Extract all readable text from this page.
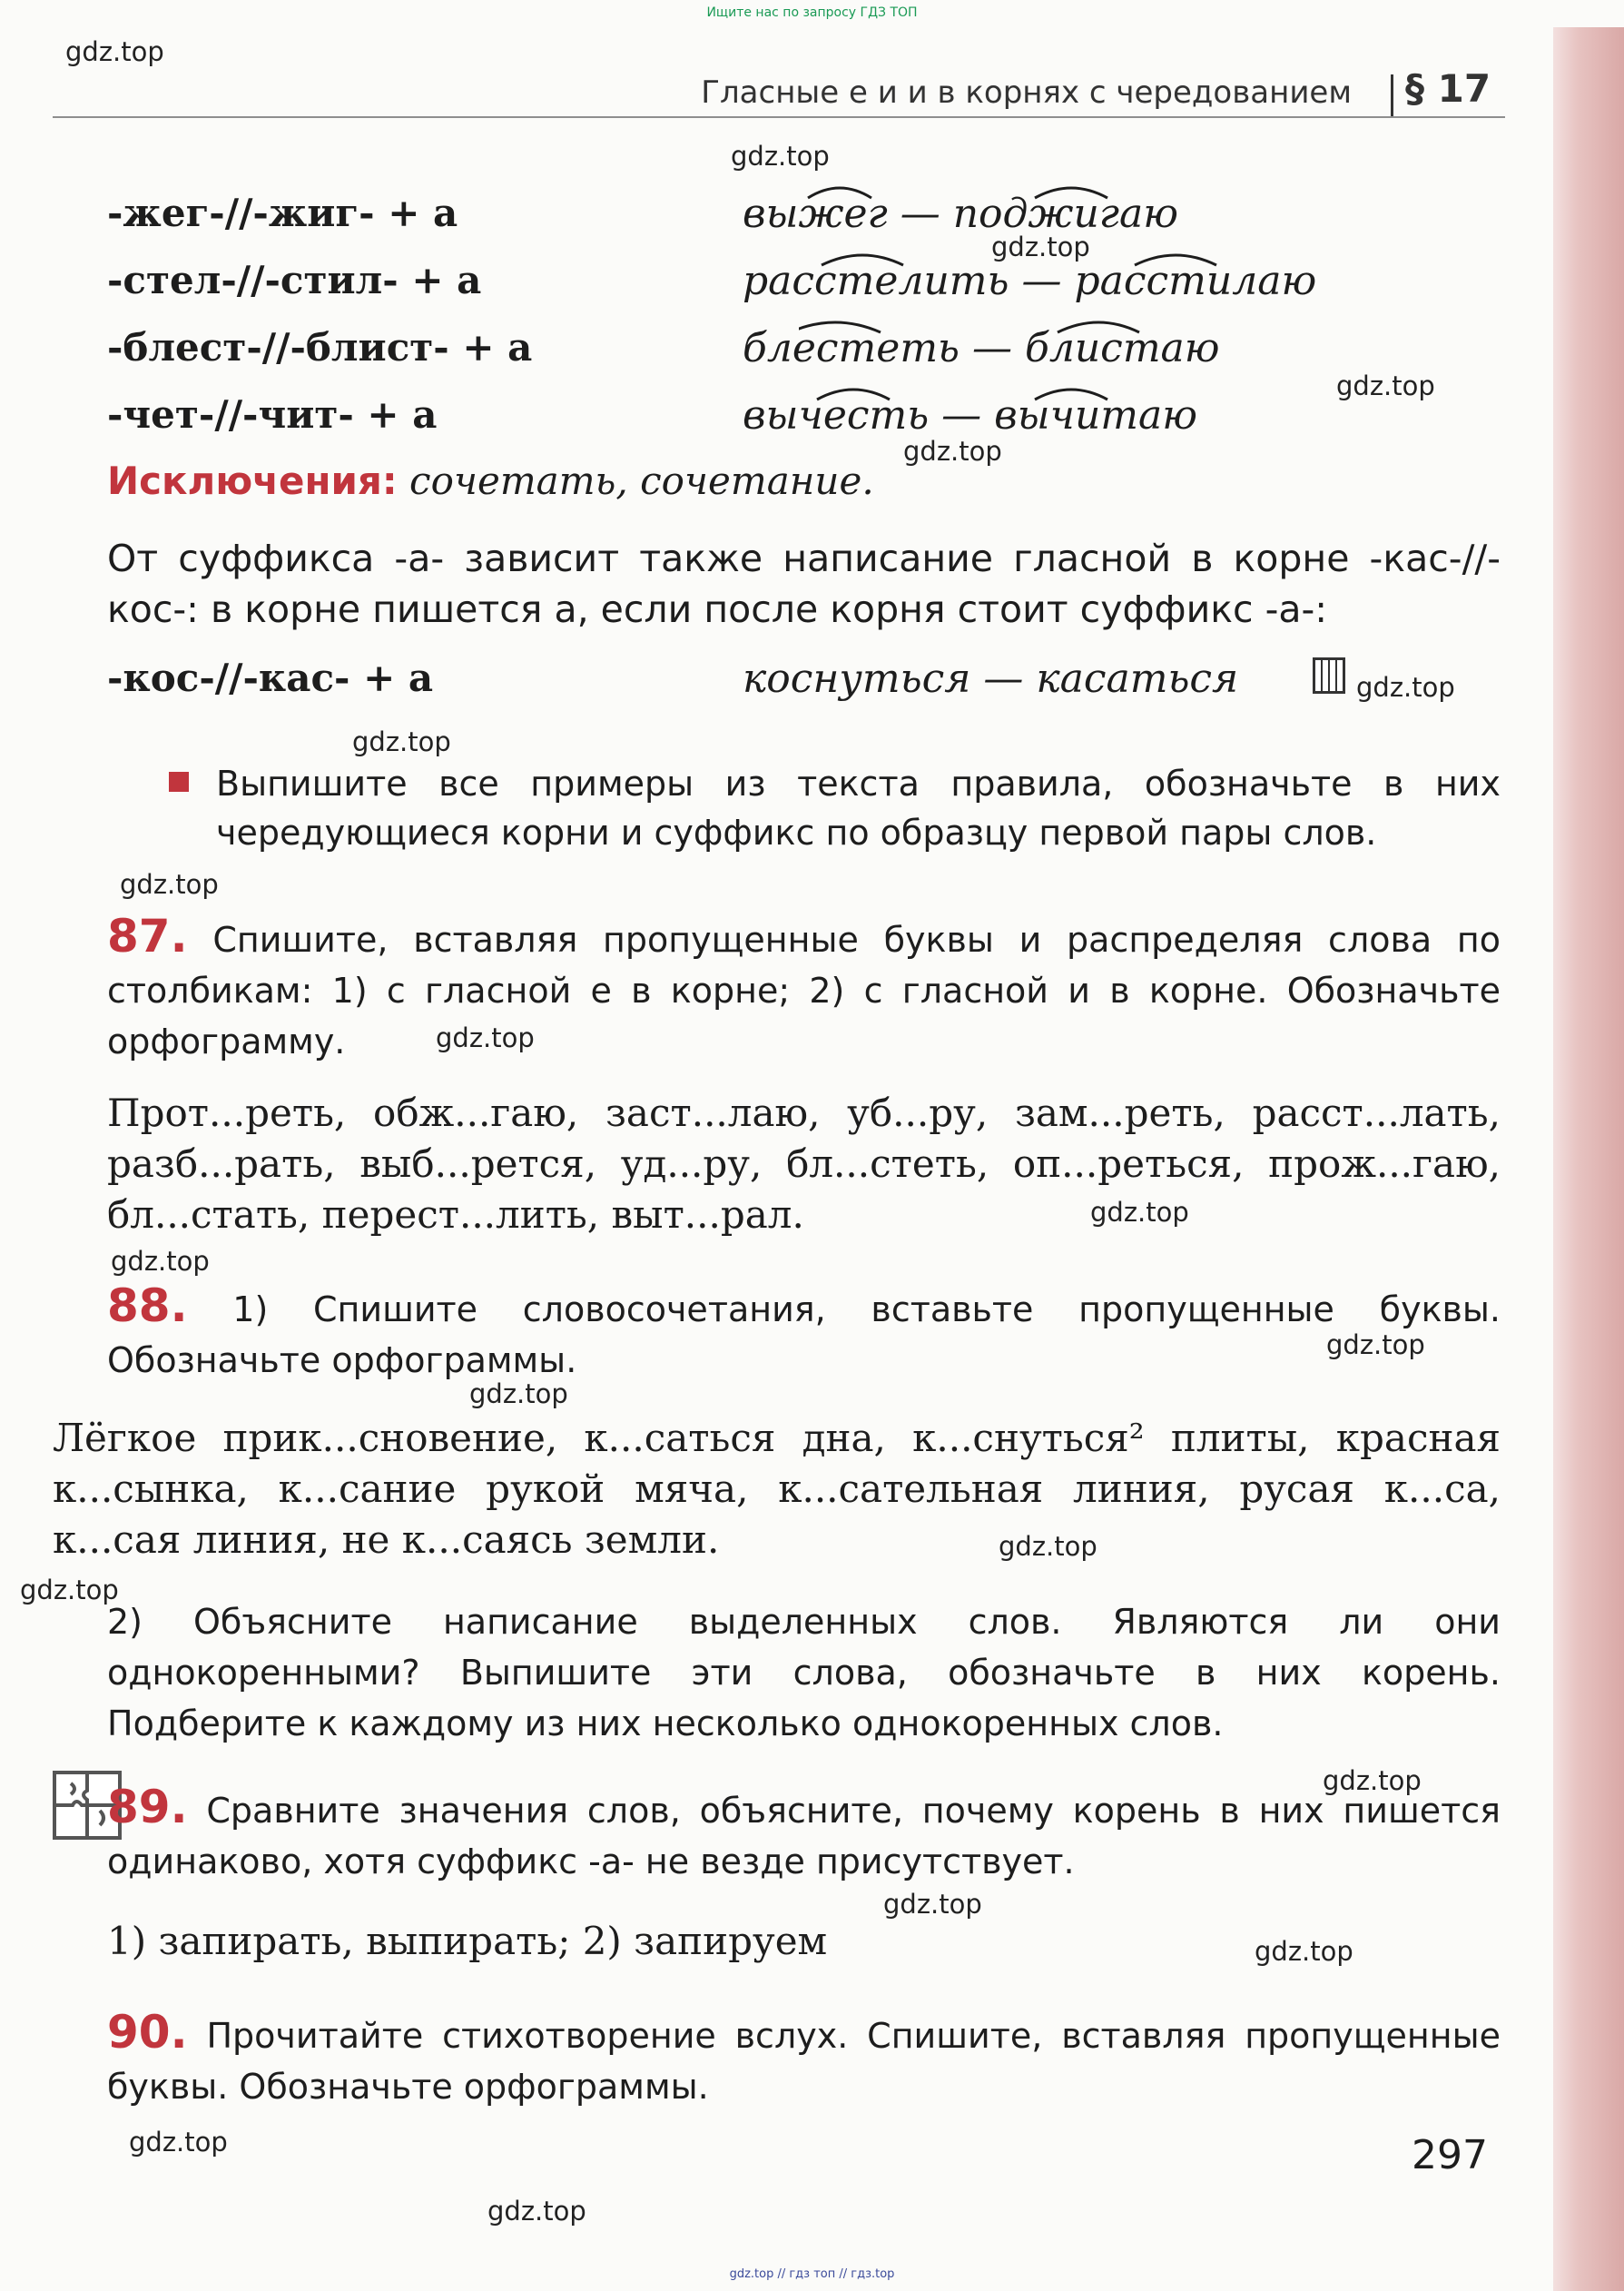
Ищите нас по запросу ГДЗ ТОП
gdz.top
gdz.top
gdz.top
gdz.top
gdz.top
gdz.top
gdz.top
gdz.top
gdz.top
gdz.top
gdz.top
gdz.top
gdz.top
gdz.top
gdz.top
gdz.top
gdz.top
gdz.top
gdz.top
gdz.top
Гласные е и и в корнях с чередованием § 17
-жег-//-жиг- + а	выжег — поджигаю
-стел-//-стил- + а	расстелить — расстилаю
-блест-//-блист- + а	блестеть — блистаю
-чет-//-чит- + а	вычесть — вычитаю
Исключения: сочетать, сочетание.
От суффикса -а- зависит также написание гласной в корне -кас-//-кос-: в корне пишется а, если после корня стоит суффикс -а-:
-кос-//-кас- + а	коснуться — касаться
Выпишите все примеры из текста правила, обозначьте в них чередующиеся корни и суффикс по образцу первой пары слов.
87. Спишите, вставляя пропущенные буквы и распределяя слова по столбикам: 1) с гласной е в корне; 2) с гласной и в корне. Обозначьте орфограмму.
Прот...реть, обж...гаю, заст...лаю, уб...ру, зам...реть, расст...лать, разб...рать, выб...рется, уд...ру, бл...стеть, оп...реться, прож...гаю, бл...стать, перест...лить, выт...рал.
88. 1) Спишите словосочетания, вставьте пропущенные буквы. Обозначьте орфограммы.
Лёгкое прик...сновение, к...саться дна, к...снуться² плиты, красная к...сынка, к...сание рукой мяча, к...сательная линия, русая к...са, к...сая линия, не к...саясь земли.
2) Объясните написание выделенных слов. Являются ли они однокоренными? Выпишите эти слова, обозначьте в них корень. Подберите к каждому из них несколько однокоренных слов.
89. Сравните значения слов, объясните, почему корень в них пишется одинаково, хотя суффикс -а- не везде присутствует.
1) запирать, выпирать; 2) запируем
90. Прочитайте стихотворение вслух. Спишите, вставляя пропущенные буквы. Обозначьте орфограммы.
297
gdz.top // гдз топ // гдз.top
